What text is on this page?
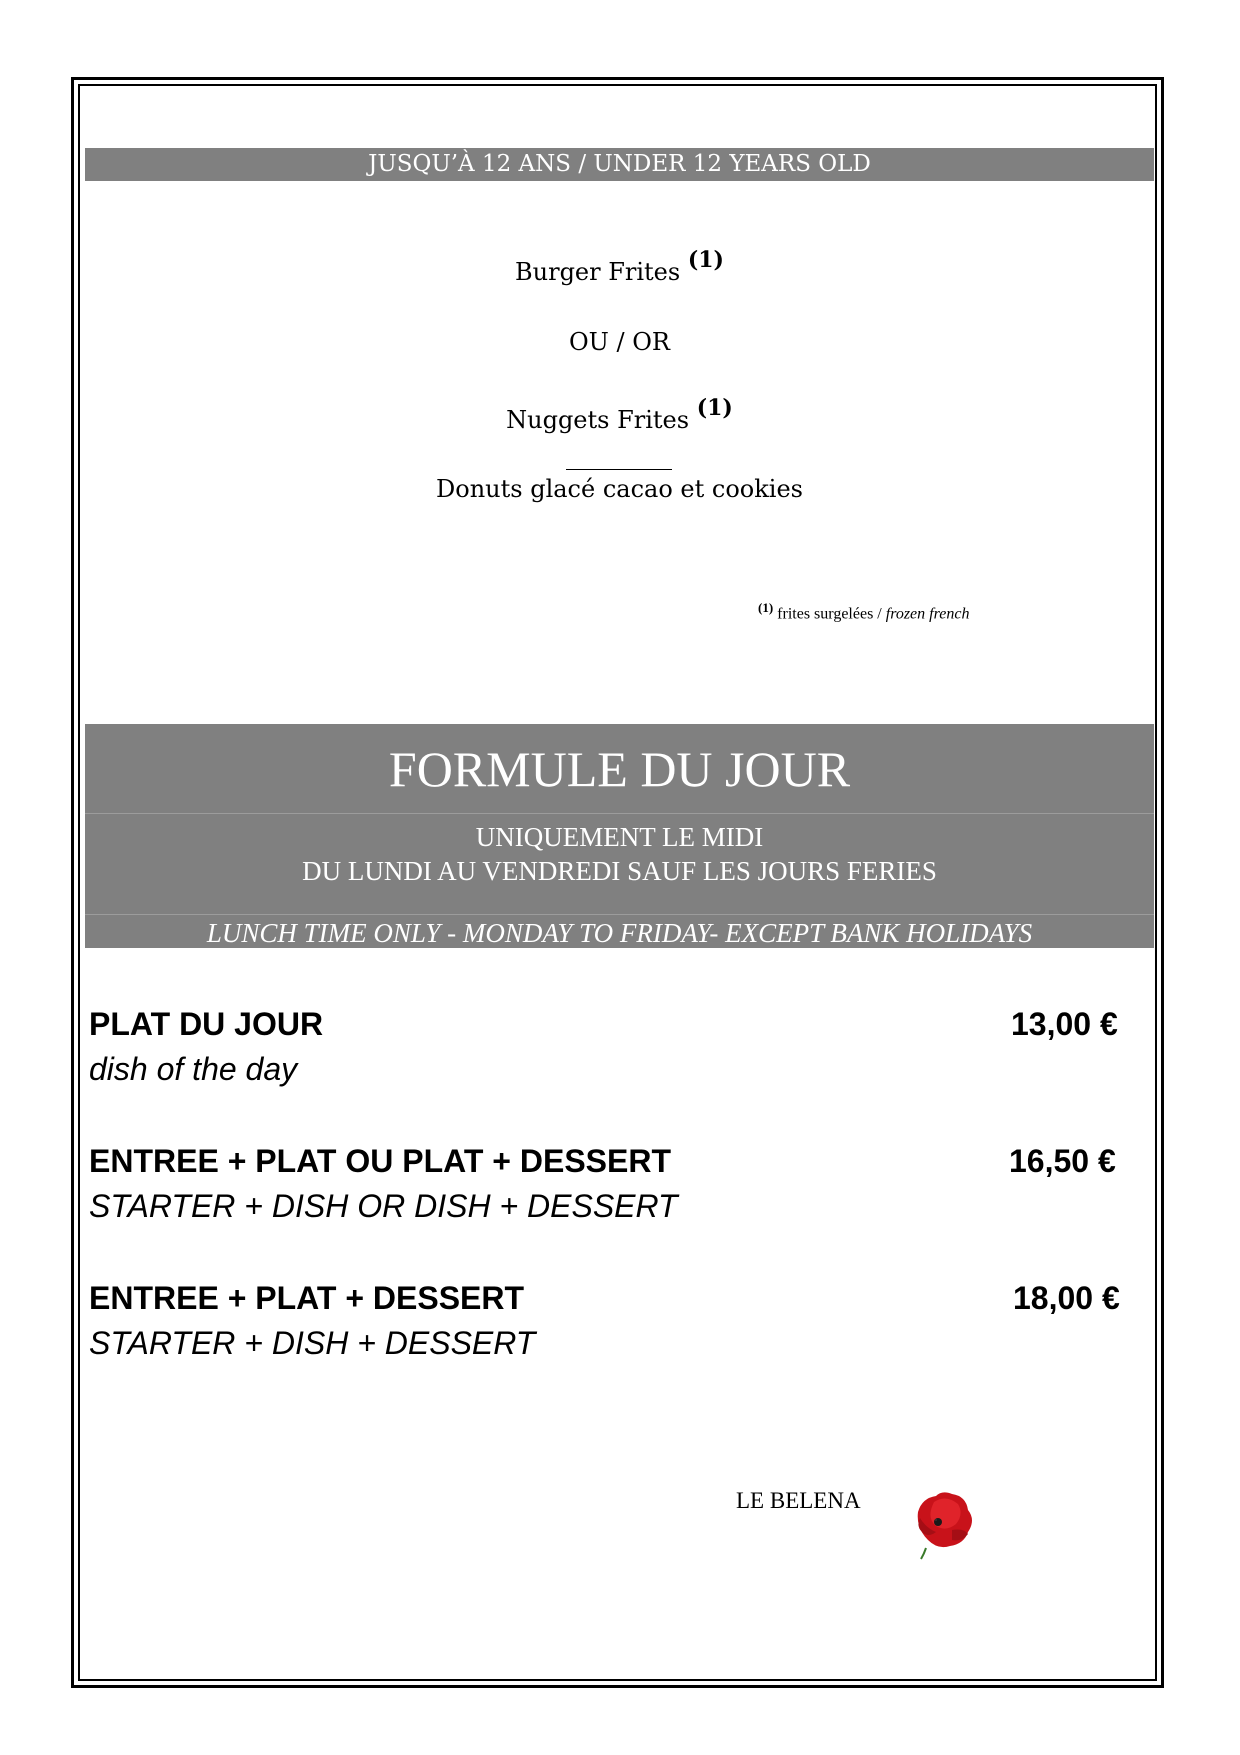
JUSQU’À 12 ANS / UNDER 12 YEARS OLD
Burger Frites $^{(1)}$
OU / OR
Nuggets Frites $^{(1)}$
Donuts glacé cacao et cookies
$^{(1)}$ frites surgelées / frozen french
FORMULE DU JOUR
UNIQUEMENT LE MIDI
DU LUNDI AU VENDREDI SAUF LES JOURS FERIES
LUNCH TIME ONLY - MONDAY TO FRIDAY- EXCEPT BANK HOLIDAYS
PLAT DU JOUR	13,00 €
dish of the day
ENTREE + PLAT OU PLAT + DESSERT	16,50 €
STARTER + DISH OR DISH + DESSERT
ENTREE + PLAT + DESSERT	18,00 €
STARTER + DISH + DESSERT
LE BELENA
